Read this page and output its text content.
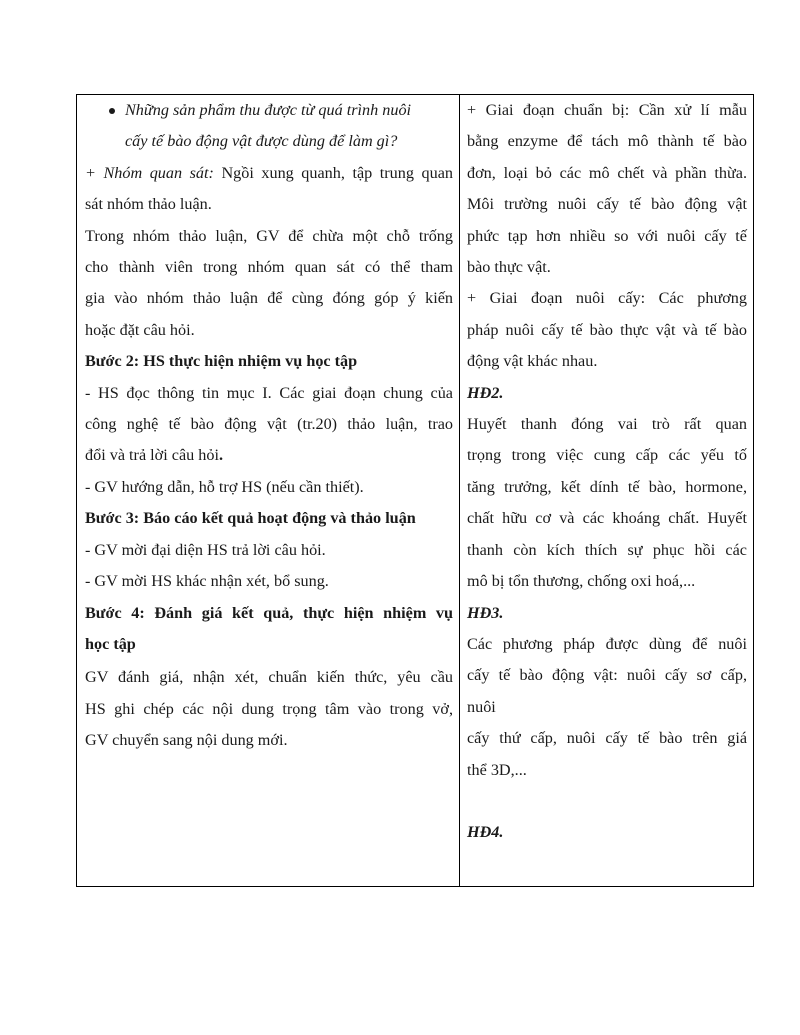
Những sản phẩm thu được từ quá trình nuôi
cấy tế bào động vật được dùng để làm gì?
+ Nhóm quan sát: Ngồi xung quanh, tập trung quan
sát nhóm thảo luận.
Trong nhóm thảo luận, GV để chừa một chỗ trống
cho thành viên trong nhóm quan sát có thể tham
gia vào nhóm thảo luận để cùng đóng góp ý kiến
hoặc đặt câu hỏi.
Bước 2: HS thực hiện nhiệm vụ học tập
- HS đọc thông tin mục I. Các giai đoạn chung của
công nghệ tế bào động vật (tr.20) thảo luận, trao
đổi và trả lời câu hỏi.
- GV hướng dẫn, hỗ trợ HS (nếu cần thiết).
Bước 3: Báo cáo kết quả hoạt động và thảo luận
- GV mời đại diện HS trả lời câu hỏi.
- GV mời HS khác nhận xét, bổ sung.
Bước 4: Đánh giá kết quả, thực hiện nhiệm vụ
học tập
GV đánh giá, nhận xét, chuẩn kiến thức, yêu cầu
HS ghi chép các nội dung trọng tâm vào trong vở,
GV chuyển sang nội dung mới.
+ Giai đoạn chuẩn bị: Cần xử lí mẫu
bằng enzyme để tách mô thành tế bào
đơn, loại bỏ các mô chết và phần thừa.
Môi trường nuôi cấy tế bào động vật
phức tạp hơn nhiều so với nuôi cấy tế
bào thực vật.
+ Giai đoạn nuôi cấy: Các phương
pháp nuôi cấy tế bào thực vật và tế bào
động vật khác nhau.
HĐ2.
Huyết thanh đóng vai trò rất quan
trọng trong việc cung cấp các yếu tố
tăng trưởng, kết dính tế bào, hormone,
chất hữu cơ và các khoáng chất. Huyết
thanh còn kích thích sự phục hồi các
mô bị tổn thương, chống oxi hoá,...
HĐ3.
Các phương pháp được dùng để nuôi
cấy tế bào động vật: nuôi cấy sơ cấp,
nuôi
cấy thứ cấp, nuôi cấy tế bào trên giá
thể 3D,...

HĐ4.
